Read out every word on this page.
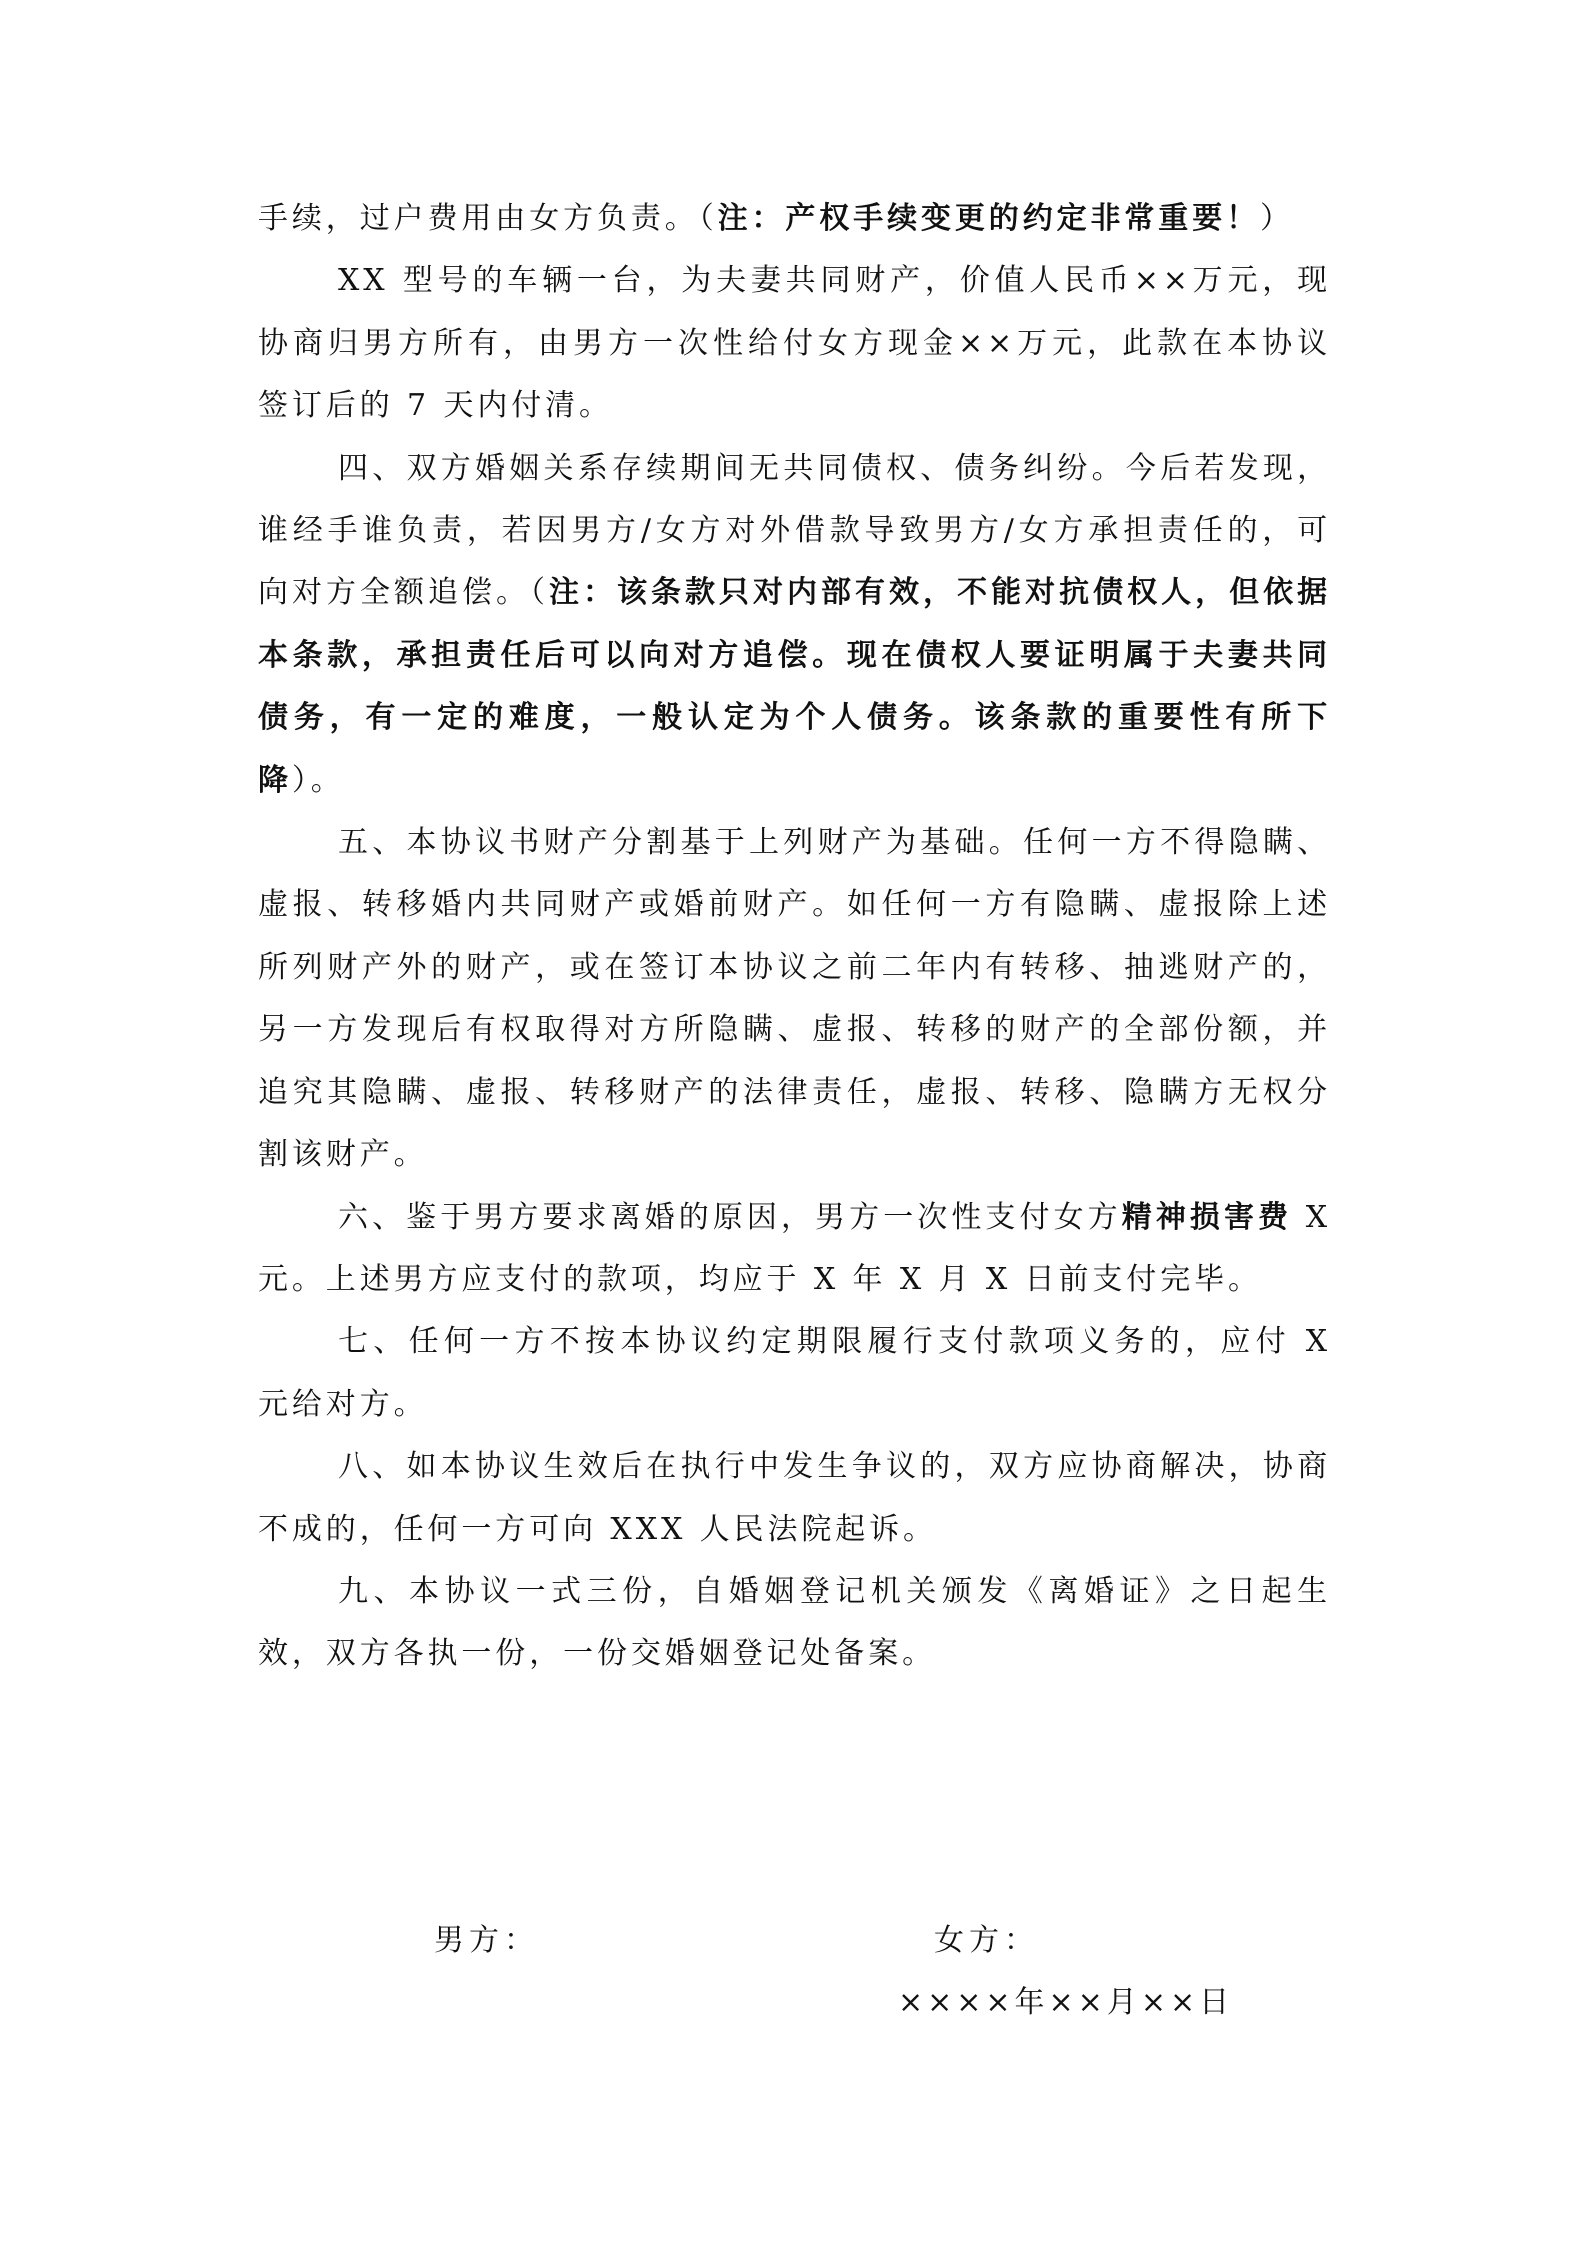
手续，过户费用由女方负责。（注：产权手续变更的约定非常重要！）

XX 型号的车辆一台，为夫妻共同财产，价值人民币××万元，现协商归男方所有，由男方一次性给付女方现金××万元，此款在本协议签订后的 7 天内付清。

四、双方婚姻关系存续期间无共同债权、债务纠纷。今后若发现，谁经手谁负责，若因男方/女方对外借款导致男方/女方承担责任的，可向对方全额追偿。（注：该条款只对内部有效，不能对抗债权人，但依据本条款，承担责任后可以向对方追偿。现在债权人要证明属于夫妻共同债务，有一定的难度，一般认定为个人债务。该条款的重要性有所下降）。

五、本协议书财产分割基于上列财产为基础。任何一方不得隐瞒、虚报、转移婚内共同财产或婚前财产。如任何一方有隐瞒、虚报除上述所列财产外的财产，或在签订本协议之前二年内有转移、抽逃财产的，另一方发现后有权取得对方所隐瞒、虚报、转移的财产的全部份额，并追究其隐瞒、虚报、转移财产的法律责任，虚报、转移、隐瞒方无权分割该财产。

六、鉴于男方要求离婚的原因，男方一次性支付女方精神损害费 X 元。上述男方应支付的款项，均应于 X 年 X 月 X 日前支付完毕。

七、任何一方不按本协议约定期限履行支付款项义务的，应付 X 元给对方。

八、如本协议生效后在执行中发生争议的，双方应协商解决，协商不成的，任何一方可向 XXX 人民法院起诉。

九、本协议一式三份，自婚姻登记机关颁发《离婚证》之日起生效，双方各执一份，一份交婚姻登记处备案。

男方：	女方：
××××年××月××日
